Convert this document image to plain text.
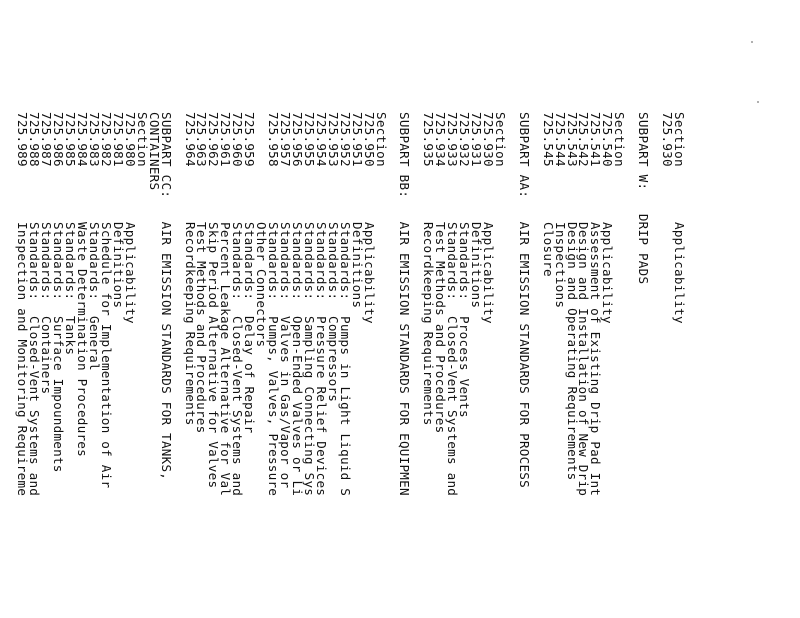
SectionApplicability
725.930
SUBPART W:   DRIP PADS
Section
725.540Applicability
725.541Assessment of Existing Drip Pad Int
725.542Design and Installation of New Drip
725.543Design and Operating Requirements
725.544Inspections
725.545Closure
SUBPART AA:   AIR EMISSION STANDARDS FOR PROCESS
Section
725.930Applicability
725.931Definitions
725.932Standards:  Process Vents
725.933Standards:  Closed-Vent Systems and
725.934Test Methods and Procedures
725.935Recordkeeping Requirements
SUBPART BB:   AIR EMISSION STANDARDS FOR EQUIPMEN
Section
725.950Applicability
725.951Definitions
725.952Standards:  Pumps in Light Liquid S
725.953Standards:  Compressors
725.954Standards:  Pressure Relief Devices
725.955Standards:  Sampling Connecting Sys
725.956Standards:  Open-Ended Valves or Li
725.957Standards:  Valves in Gas/Vapor or
725.958Standards:  Pumps, Valves, Pressure
Other Connectors
725.959Standards:  Delay of Repair
725.960Standards:  Closed-Vent Systems and
725.961Percent Leakage Alternative for Val
725.962Skip Period Alternative for Valves
725.963Test Methods and Procedures
725.964Recordkeeping Requirements
SUBPART CC:   AIR EMISSION STANDARDS FOR TANKS,
CONTAINERS
Section
725.980Applicability
725.981Definitions
725.982Schedule for Implementation of Air
725.983Standards:  General
725.984Waste Determination Procedures
725.985Standards:  Tanks
725.986Standards:  Surface Impoundments
725.987Standards:  Containers
725.988Standards:  Closed-Vent Systems and
725.989Inspection and Monitoring Requireme
